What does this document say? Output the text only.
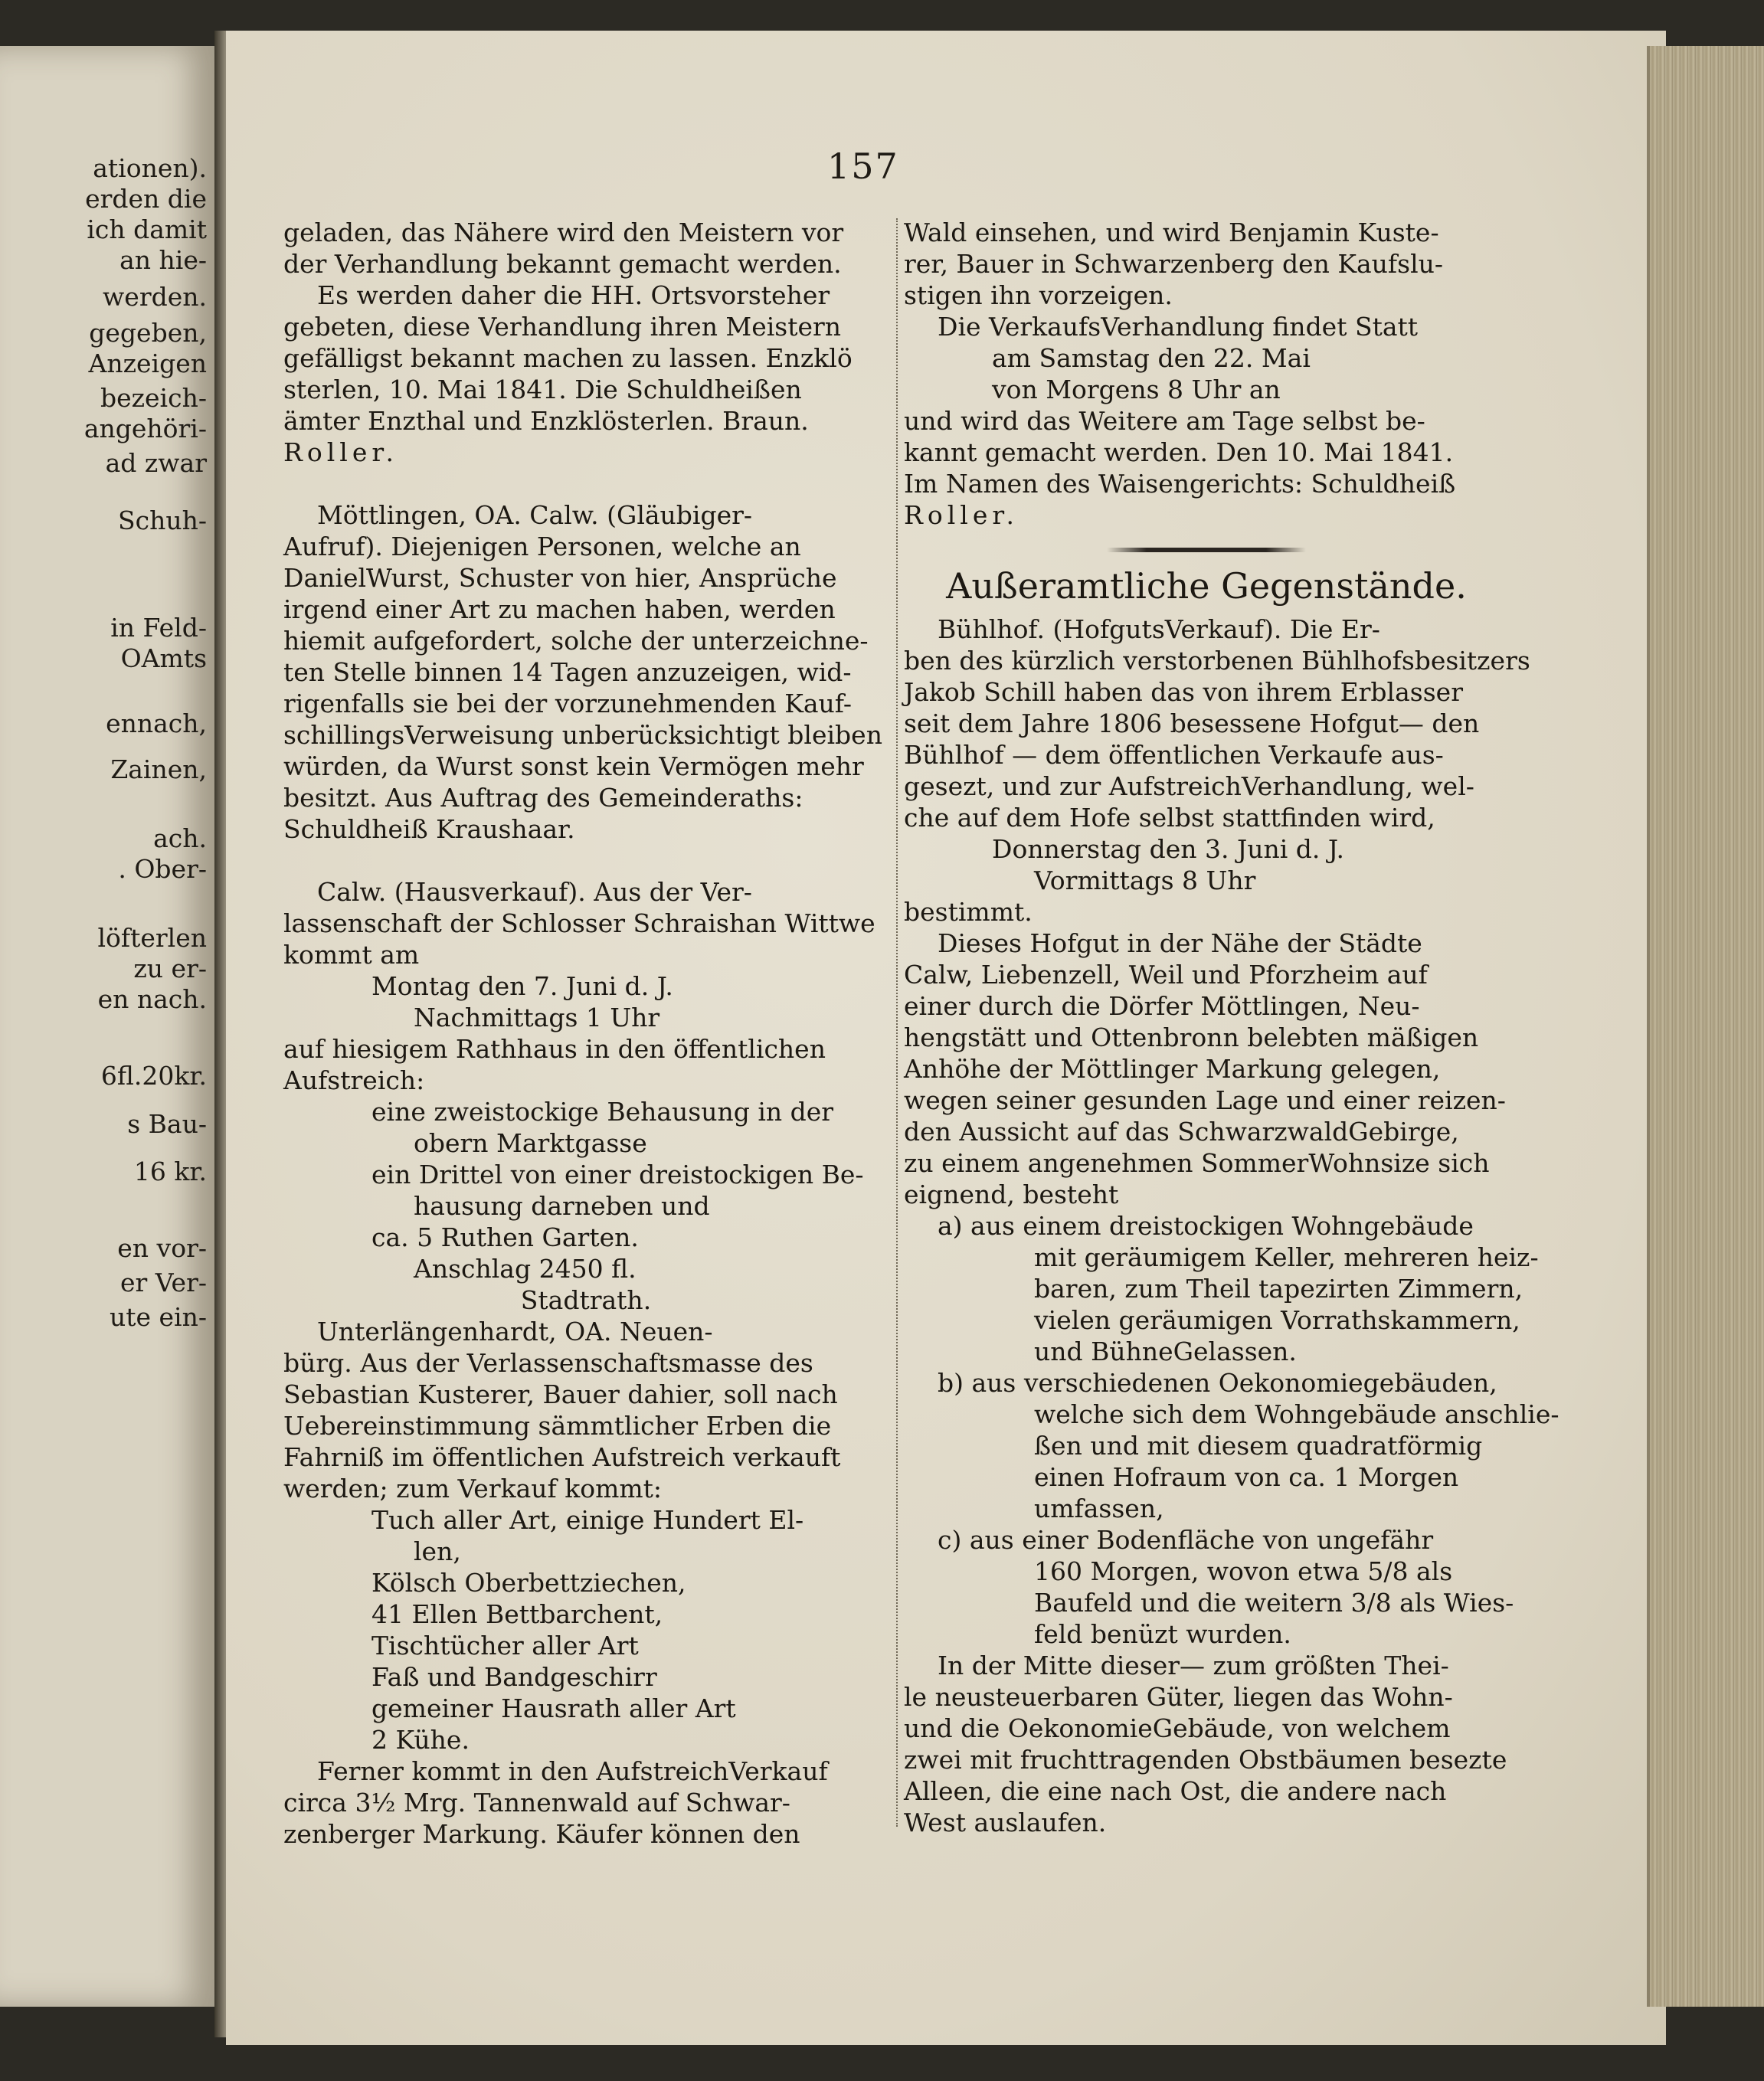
ationen).
erden die
ich damit
an hie-
werden.
gegeben,
Anzeigen
bezeich-
angehöri-
ad zwar
Schuh-
in Feld-
OAmts
ennach,
Zainen,
ach.
. Ober-
löfterlen
zu er-
en nach.
6fl.20kr.
s Bau-
16 kr.
en vor-
er Ver-
ute ein-
157
geladen, das Nähere wird den Meistern vor
der Verhandlung bekannt gemacht werden.
Es werden daher die HH. Ortsvorsteher
gebeten, diese Verhandlung ihren Meistern
gefälligst bekannt machen zu lassen. Enzklö
sterlen, 10. Mai 1841. Die Schuldheißen
ämter Enzthal und Enzklösterlen. Braun.
Roller.
Möttlingen, OA. Calw. (Gläubiger-
Aufruf). Diejenigen Personen, welche an
DanielWurst, Schuster von hier, Ansprüche
irgend einer Art zu machen haben, werden
hiemit aufgefordert, solche der unterzeichne-
ten Stelle binnen 14 Tagen anzuzeigen, wid-
rigenfalls sie bei der vorzunehmenden Kauf-
schillingsVerweisung unberücksichtigt bleiben
würden, da Wurst sonst kein Vermögen mehr
besitzt. Aus Auftrag des Gemeinderaths:
Schuldheiß Kraushaar.
Calw. (Hausverkauf). Aus der Ver-
lassenschaft der Schlosser Schraishan Wittwe
kommt am
Montag den 7. Juni d. J.
Nachmittags 1 Uhr
auf hiesigem Rathhaus in den öffentlichen
Aufstreich:
eine zweistockige Behausung in der
obern Marktgasse
ein Drittel von einer dreistockigen Be-
hausung darneben und
ca. 5 Ruthen Garten.
Anschlag 2450 fl.
Stadtrath.
Unterlängenhardt, OA. Neuen-
bürg. Aus der Verlassenschaftsmasse des
Sebastian Kusterer, Bauer dahier, soll nach
Uebereinstimmung sämmtlicher Erben die
Fahrniß im öffentlichen Aufstreich verkauft
werden; zum Verkauf kommt:
Tuch aller Art, einige Hundert El-
len,
Kölsch Oberbettziechen,
41 Ellen Bettbarchent,
Tischtücher aller Art
Faß und Bandgeschirr
gemeiner Hausrath aller Art
2 Kühe.
Ferner kommt in den AufstreichVerkauf
circa 3½ Mrg. Tannenwald auf Schwar-
zenberger Markung. Käufer können den
Wald einsehen, und wird Benjamin Kuste-
rer, Bauer in Schwarzenberg den Kaufslu-
stigen ihn vorzeigen.
Die VerkaufsVerhandlung findet Statt
am Samstag den 22. Mai
von Morgens 8 Uhr an
und wird das Weitere am Tage selbst be-
kannt gemacht werden. Den 10. Mai 1841.
Im Namen des Waisengerichts: Schuldheiß
Roller.
Außeramtliche Gegenstände.
Bühlhof. (HofgutsVerkauf). Die Er-
ben des kürzlich verstorbenen Bühlhofsbesitzers
Jakob Schill haben das von ihrem Erblasser
seit dem Jahre 1806 besessene Hofgut— den
Bühlhof — dem öffentlichen Verkaufe aus-
gesezt, und zur AufstreichVerhandlung, wel-
che auf dem Hofe selbst stattfinden wird,
Donnerstag den 3. Juni d. J.
Vormittags 8 Uhr
bestimmt.
Dieses Hofgut in der Nähe der Städte
Calw, Liebenzell, Weil und Pforzheim auf
einer durch die Dörfer Möttlingen, Neu-
hengstätt und Ottenbronn belebten mäßigen
Anhöhe der Möttlinger Markung gelegen,
wegen seiner gesunden Lage und einer reizen-
den Aussicht auf das SchwarzwaldGebirge,
zu einem angenehmen SommerWohnsize sich
eignend, besteht
a) aus einem dreistockigen Wohngebäude
mit geräumigem Keller, mehreren heiz-
baren, zum Theil tapezirten Zimmern,
vielen geräumigen Vorrathskammern,
und BühneGelassen.
b) aus verschiedenen Oekonomiegebäuden,
welche sich dem Wohngebäude anschlie-
ßen und mit diesem quadratförmig
einen Hofraum von ca. 1 Morgen
umfassen,
c) aus einer Bodenfläche von ungefähr
160 Morgen, wovon etwa 5/8 als
Baufeld und die weitern 3/8 als Wies-
feld benüzt wurden.
In der Mitte dieser— zum größten Thei-
le neusteuerbaren Güter, liegen das Wohn-
und die OekonomieGebäude, von welchem
zwei mit fruchttragenden Obstbäumen besezte
Alleen, die eine nach Ost, die andere nach
West auslaufen.
